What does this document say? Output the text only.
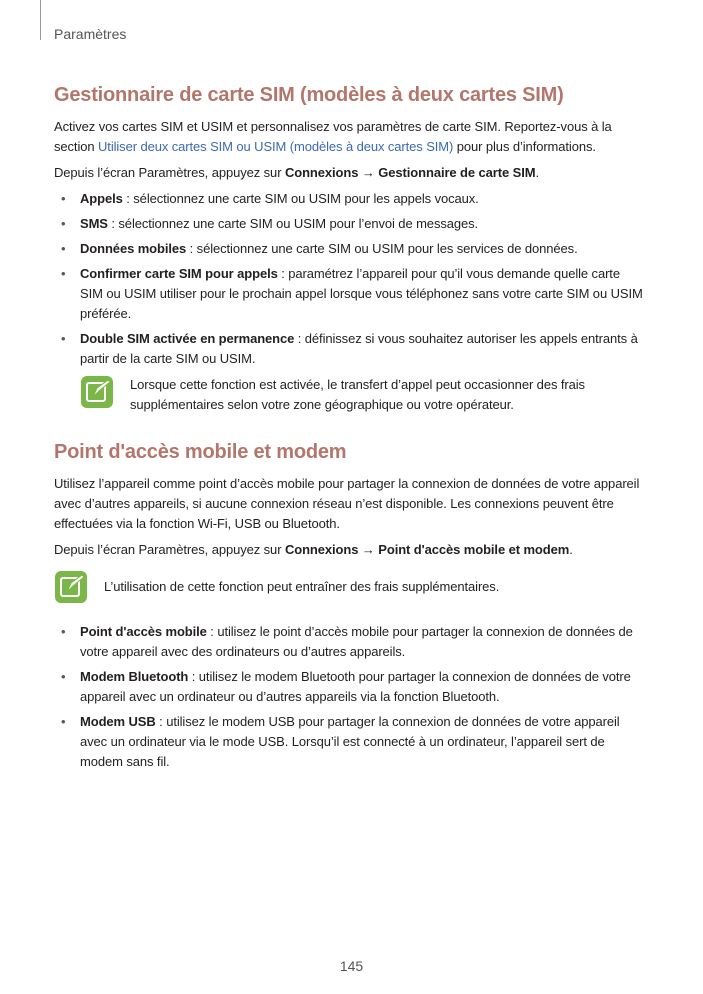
Paramètres
Gestionnaire de carte SIM (modèles à deux cartes SIM)

Activez vos cartes SIM et USIM et personnalisez vos paramètres de carte SIM. Reportez-vous à la section Utiliser deux cartes SIM ou USIM (modèles à deux cartes SIM) pour plus d’informations.

Depuis l’écran Paramètres, appuyez sur Connexions → Gestionnaire de carte SIM.

• Appels : sélectionnez une carte SIM ou USIM pour les appels vocaux.
• SMS : sélectionnez une carte SIM ou USIM pour l’envoi de messages.
• Données mobiles : sélectionnez une carte SIM ou USIM pour les services de données.
• Confirmer carte SIM pour appels : paramétrez l’appareil pour qu’il vous demande quelle carte SIM ou USIM utiliser pour le prochain appel lorsque vous téléphonez sans votre carte SIM ou USIM préférée.
• Double SIM activée en permanence : définissez si vous souhaitez autoriser les appels entrants à partir de la carte SIM ou USIM.
Lorsque cette fonction est activée, le transfert d’appel peut occasionner des frais supplémentaires selon votre zone géographique ou votre opérateur.
Point d'accès mobile et modem

Utilisez l’appareil comme point d’accès mobile pour partager la connexion de données de votre appareil avec d’autres appareils, si aucune connexion réseau n’est disponible. Les connexions peuvent être effectuées via la fonction Wi-Fi, USB ou Bluetooth.

Depuis l’écran Paramètres, appuyez sur Connexions → Point d'accès mobile et modem.

L’utilisation de cette fonction peut entraîner des frais supplémentaires.
• Point d'accès mobile : utilisez le point d’accès mobile pour partager la connexion de données de votre appareil avec des ordinateurs ou d’autres appareils.
• Modem Bluetooth : utilisez le modem Bluetooth pour partager la connexion de données de votre appareil avec un ordinateur ou d’autres appareils via la fonction Bluetooth.
• Modem USB : utilisez le modem USB pour partager la connexion de données de votre appareil avec un ordinateur via le mode USB. Lorsqu’il est connecté à un ordinateur, l’appareil sert de modem sans fil.
145
